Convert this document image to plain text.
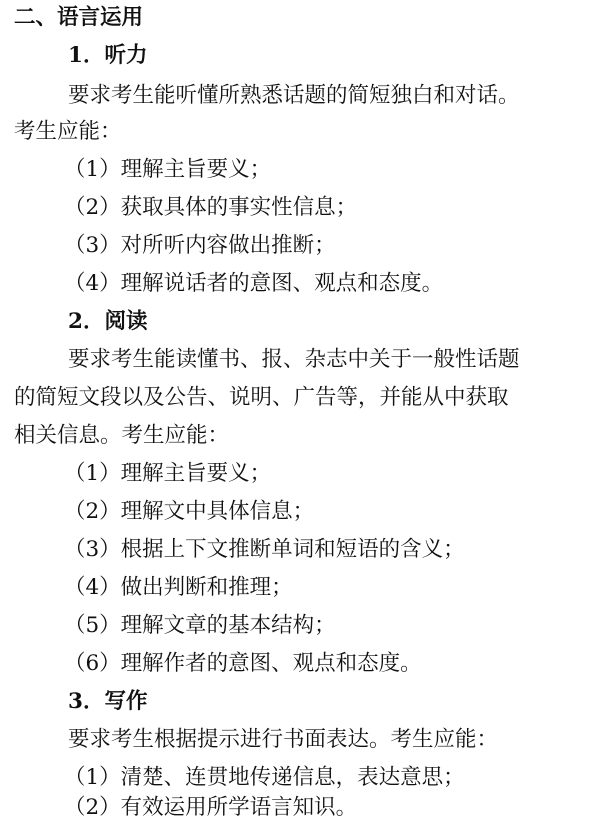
二、语言运用
1．听力
要求考生能听懂所熟悉话题的简短独白和对话。
考生应能：
（1）理解主旨要义；
（2）获取具体的事实性信息；
（3）对所听内容做出推断；
（4）理解说话者的意图、观点和态度。
2．阅读
要求考生能读懂书、报、杂志中关于一般性话题
的简短文段以及公告、说明、广告等，并能从中获取
相关信息。考生应能：
（1）理解主旨要义；
（2）理解文中具体信息；
（3）根据上下文推断单词和短语的含义；
（4）做出判断和推理；
（5）理解文章的基本结构；
（6）理解作者的意图、观点和态度。
3．写作
要求考生根据提示进行书面表达。考生应能：
（1）清楚、连贯地传递信息，表达意思；
（2）有效运用所学语言知识。
